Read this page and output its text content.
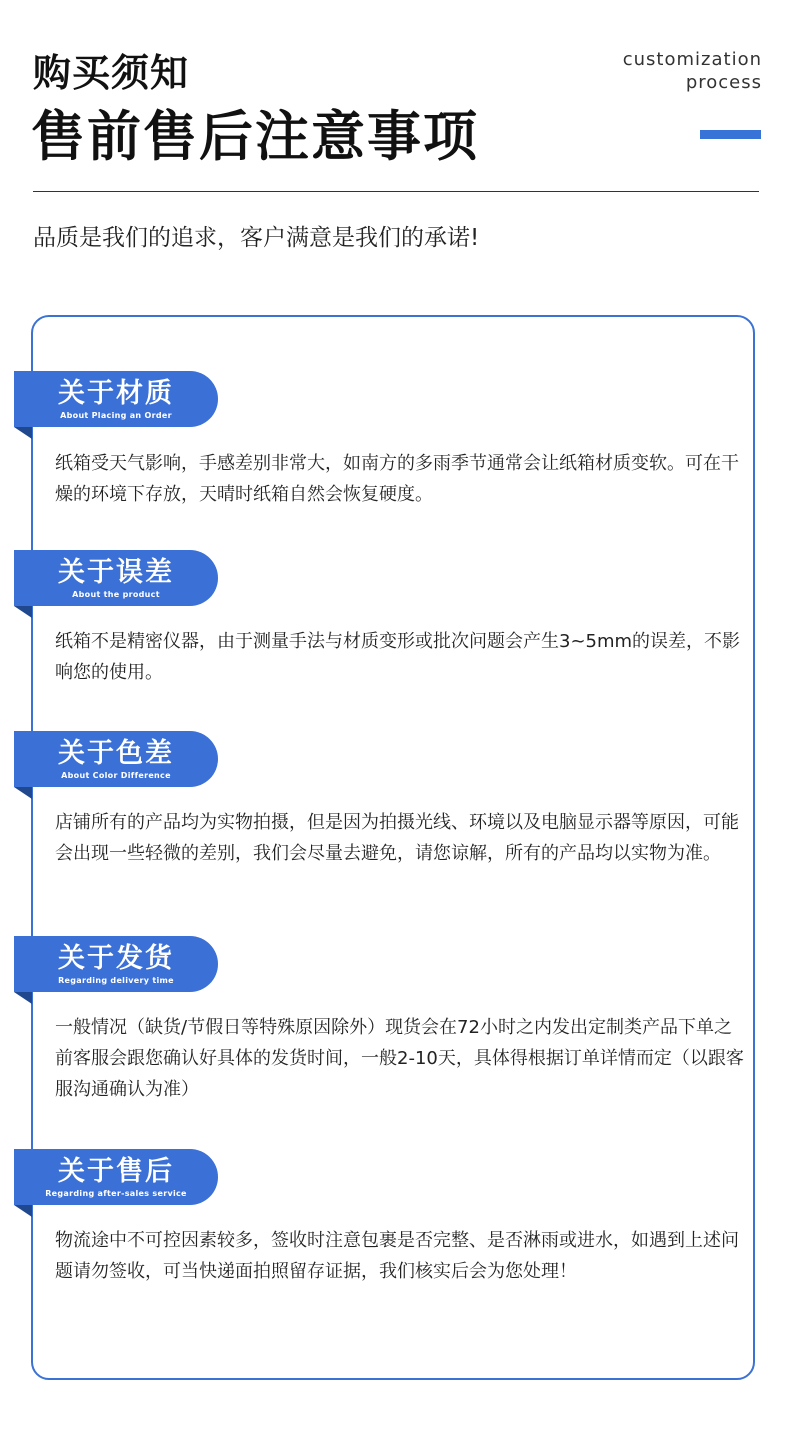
购买须知
售前售后注意事项
customization
process
品质是我们的追求，客户满意是我们的承诺!
关于材质
About Placing an Order
纸箱受天气影响，手感差别非常大，如南方的多雨季节通常会让纸箱材质变软。可在干燥的环境下存放，天晴时纸箱自然会恢复硬度。
关于误差
About the product
纸箱不是精密仪器，由于测量手法与材质变形或批次问题会产生3~5mm的误差，不影响您的使用。
关于色差
About Color Difference
店铺所有的产品均为实物拍摄，但是因为拍摄光线、环境以及电脑显示器等原因，可能会出现一些轻微的差别，我们会尽量去避免，请您谅解，所有的产品均以实物为准。
关于发货
Regarding delivery time
一般情况（缺货/节假日等特殊原因除外）现货会在72小时之内发出定制类产品下单之前客服会跟您确认好具体的发货时间，一般2-10天，具体得根据订单详情而定（以跟客服沟通确认为准）
关于售后
Regarding after-sales service
物流途中不可控因素较多，签收时注意包裹是否完整、是否淋雨或进水，如遇到上述问题请勿签收，可当快递面拍照留存证据，我们核实后会为您处理！
